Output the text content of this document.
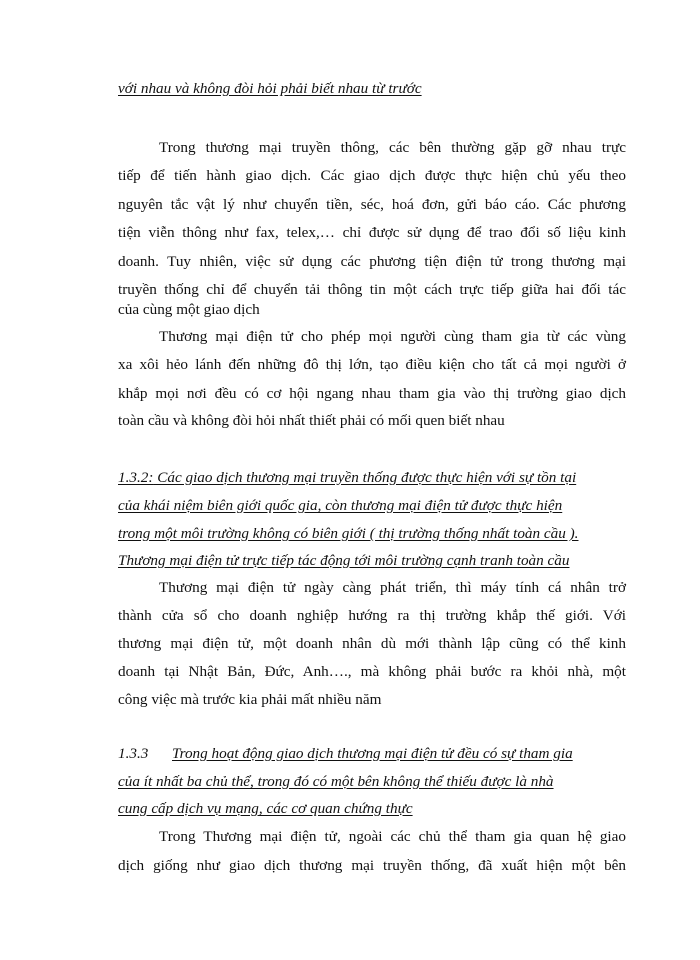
với nhau và không đòi hỏi phải biết nhau từ trước
Trong thương mại truyền thông, các bên thường gặp gỡ nhau trực
tiếp để tiến hành giao dịch. Các giao dịch được thực hiện chủ yếu theo
nguyên tắc vật lý như chuyển tiền, séc, hoá đơn, gửi báo cáo. Các phương
tiện viễn thông như fax, telex,… chỉ được sử dụng để trao đổi số liệu kinh
doanh. Tuy nhiên, việc sử dụng các phương tiện điện tử trong thương mại
truyền thống chỉ để chuyển tải thông tin một cách trực tiếp giữa hai đối tác
của cùng một giao dịch
Thương mại điện tử cho phép mọi người cùng tham gia từ các vùng
xa xôi hẻo lánh đến những đô thị lớn, tạo điều kiện cho tất cả mọi người ở
khắp mọi nơi đều có cơ hội ngang nhau tham gia vào thị trường giao dịch
toàn cầu và không đòi hỏi nhất thiết phải có mối quen biết nhau
1.3.2: Các giao dịch thương mại truyền thống được thực hiện với sự tồn tại
của khái niệm biên giới quốc gia, còn thương mại điện tử được thực hiện
trong một môi trường không có biên giới ( thị trường thống nhất toàn cầu ).
Thương mại điện tử trực tiếp tác động tới môi trường cạnh tranh toàn cầu
Thương mại điện tử ngày càng phát triển, thì máy tính cá nhân trở
thành cửa sổ cho doanh nghiệp hướng ra thị trường khắp thế giới. Với
thương mại điện tử, một doanh nhân dù mới thành lập cũng có thể kinh
doanh tại Nhật Bản, Đức, Anh…., mà không phải bước ra khỏi nhà, một
công việc mà trước kia phải mất nhiều năm
1.3.3 Trong hoạt động giao dịch thương mại điện tử đều có sự tham gia
của ít nhất ba chủ thể, trong đó có một bên không thể thiếu được là nhà
cung cấp dịch vụ mạng, các cơ quan chứng thực
Trong Thương mại điện tử, ngoài các chủ thể tham gia quan hệ giao
dịch giống như giao dịch thương mại truyền thống, đã xuất hiện một bên
